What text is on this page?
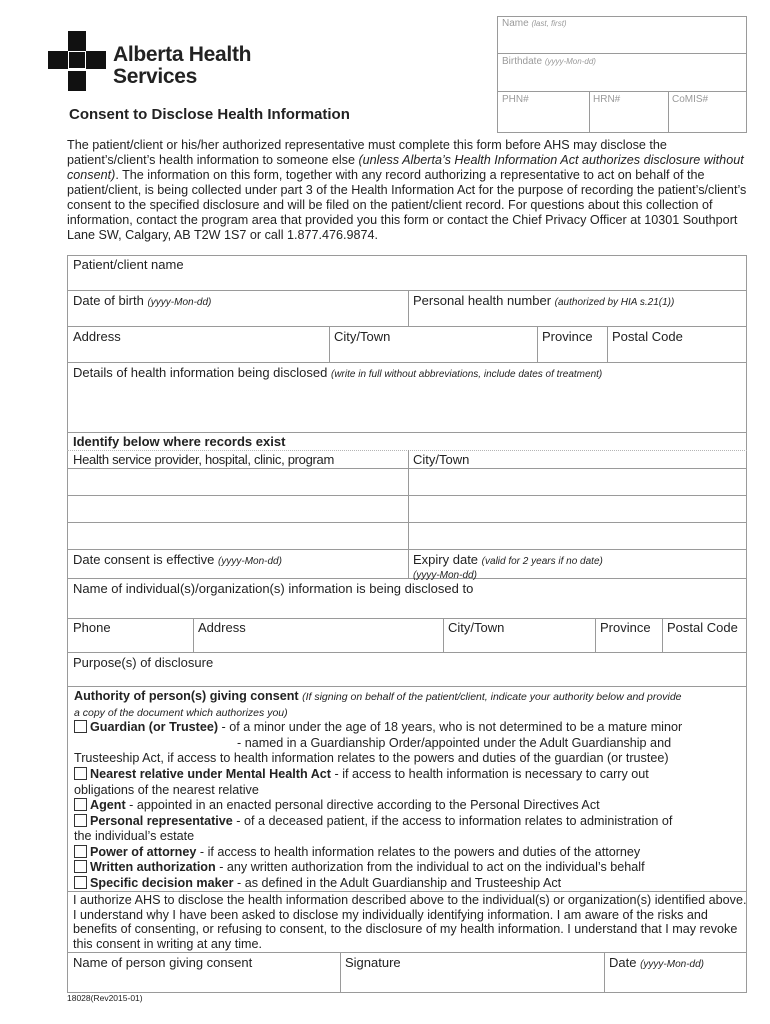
Alberta Health
Services
Name (last, first)
Birthdate (yyyy-Mon-dd)
PHN#	HRN#	CoMIS#
Consent to Disclose Health Information
The patient/client or his/her authorized representative must complete this form before AHS may disclose the patient’s/client’s health information to someone else (unless Alberta’s Health Information Act authorizes disclosure without consent). The information on this form, together with any record authorizing a representative to act on behalf of the patient/client, is being collected under part 3 of the Health Information Act for the purpose of recording the patient’s/client’s consent to the specified disclosure and will be filed on the patient/client record. For questions about this collection of information, contact the program area that provided you this form or contact the Chief Privacy Officer at 10301 Southport Lane SW, Calgary, AB T2W 1S7 or call 1.877.476.9874.
Patient/client name
Date of birth (yyyy-Mon-dd)	Personal health number (authorized by HIA s.21(1))
Address	City/Town	Province Postal Code
Details of health information being disclosed (write in full without abbreviations, include dates of treatment)
Identify below where records exist
Health service provider, hospital, clinic, program	City/Town
Date consent is effective (yyyy-Mon-dd)	Expiry date (valid for 2 years if no date)
(yyyy-Mon-dd)
Name of individual(s)/organization(s) information is being disclosed to
Phone	Address	City/Town	Province Postal Code
Purpose(s) of disclosure
Authority of person(s) giving consent (If signing on behalf of the patient/client, indicate your authority below and provide
a copy of the document which authorizes you)
Guardian (or Trustee) - of a minor under the age of 18 years, who is not determined to be a mature minor
- named in a Guardianship Order/appointed under the Adult Guardianship and
Trusteeship Act, if access to health information relates to the powers and duties of the guardian (or trustee)
Nearest relative under Mental Health Act - if access to health information is necessary to carry out
obligations of the nearest relative
Agent - appointed in an enacted personal directive according to the Personal Directives Act
Personal representative - of a deceased patient, if the access to information relates to administration of
the individual’s estate
Power of attorney - if access to health information relates to the powers and duties of the attorney
Written authorization - any written authorization from the individual to act on the individual’s behalf
Specific decision maker - as defined in the Adult Guardianship and Trusteeship Act
I authorize AHS to disclose the health information described above to the individual(s) or organization(s) identified above. I understand why I have been asked to disclose my individually identifying information. I am aware of the risks and benefits of consenting, or refusing to consent, to the disclosure of my health information. I understand that I may revoke this consent in writing at any time.
Name of person giving consent	Signature	Date (yyyy-Mon-dd)
18028(Rev2015-01)
